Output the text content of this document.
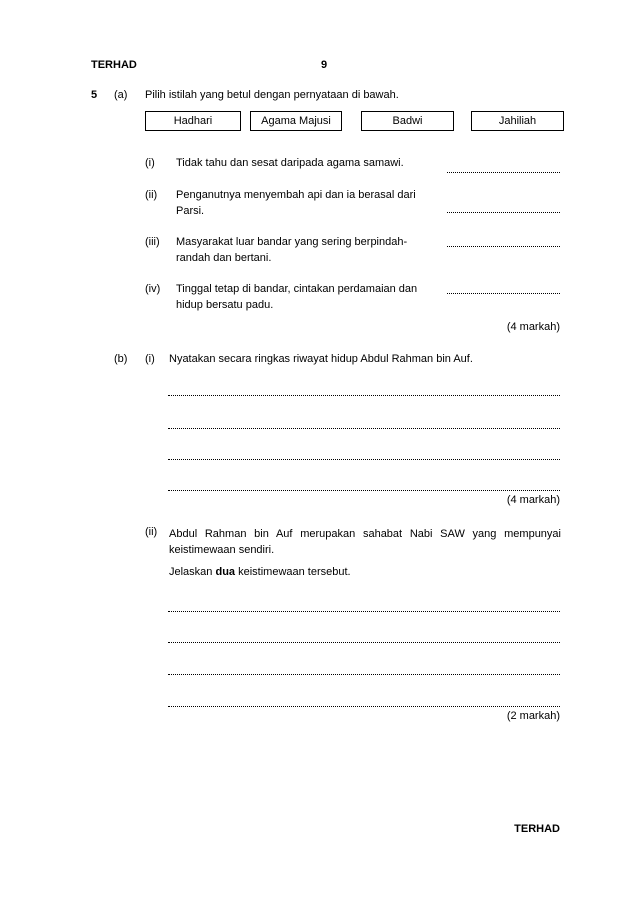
TERHAD	9
5 (a) Pilih istilah yang betul dengan pernyataan di bawah.
Hadhari	Agama Majusi	Badwi	Jahiliah
(i) Tidak tahu dan sesat daripada agama samawi.
(ii) Penganutnya menyembah api dan ia berasal dari
Parsi.
(iii) Masyarakat luar bandar yang sering berpindah-
randah dan bertani.
(iv) Tinggal tetap di bandar, cintakan perdamaian dan
hidup bersatu padu.
(4 markah)
(b) (i) Nyatakan secara ringkas riwayat hidup Abdul Rahman bin Auf.
(4 markah)
(ii) Abdul Rahman bin Auf merupakan sahabat Nabi SAW yang mempunyai keistimewaan sendiri.
Jelaskan dua keistimewaan tersebut.
(2 markah)
TERHAD
